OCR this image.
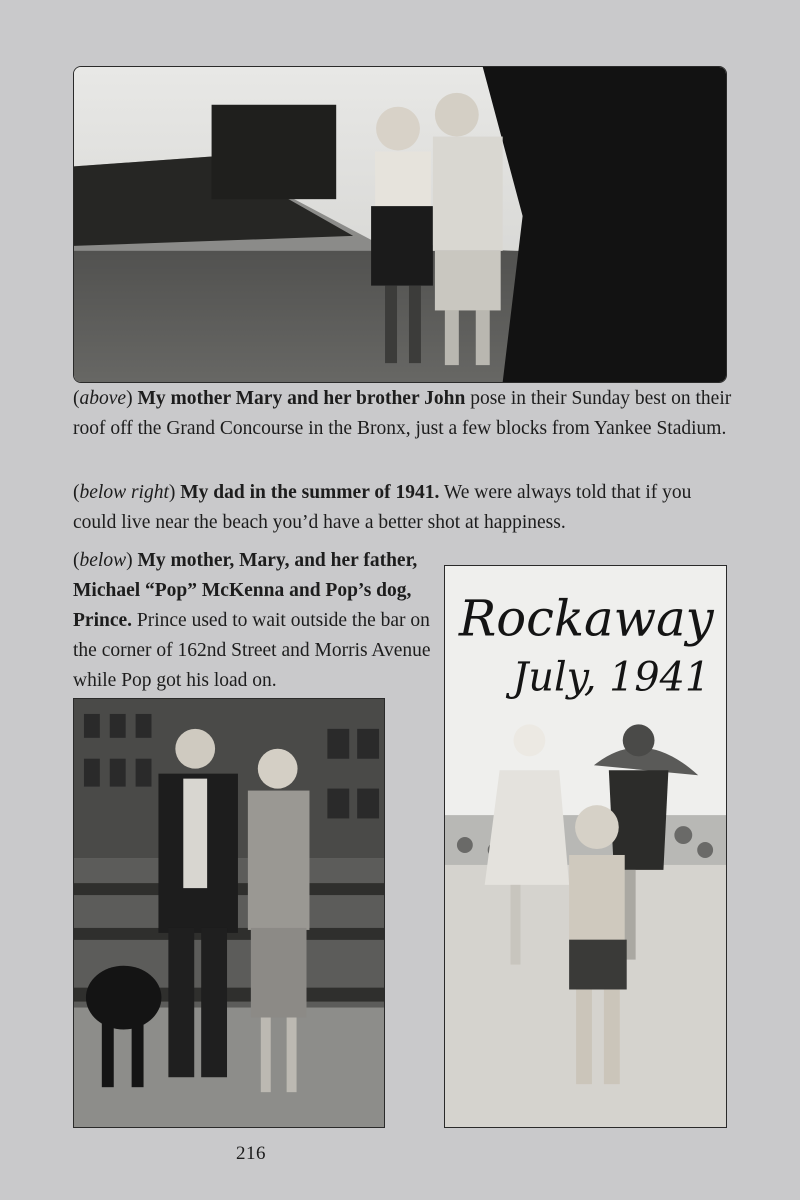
(above) My mother Mary and her brother John pose in their Sunday best on their roof off the Grand Concourse in the Bronx, just a few blocks from Yankee Stadium.

(below right) My dad in the summer of 1941. We were always told that if you could live near the beach you’d have a better shot at happiness.

(below) My mother, Mary, and her father, Michael “Pop” McKenna and Pop’s dog, Prince. Prince used to wait outside the bar on the corner of 162nd Street and Morris Avenue while Pop got his load on.

Rockaway
July, 1941
216
